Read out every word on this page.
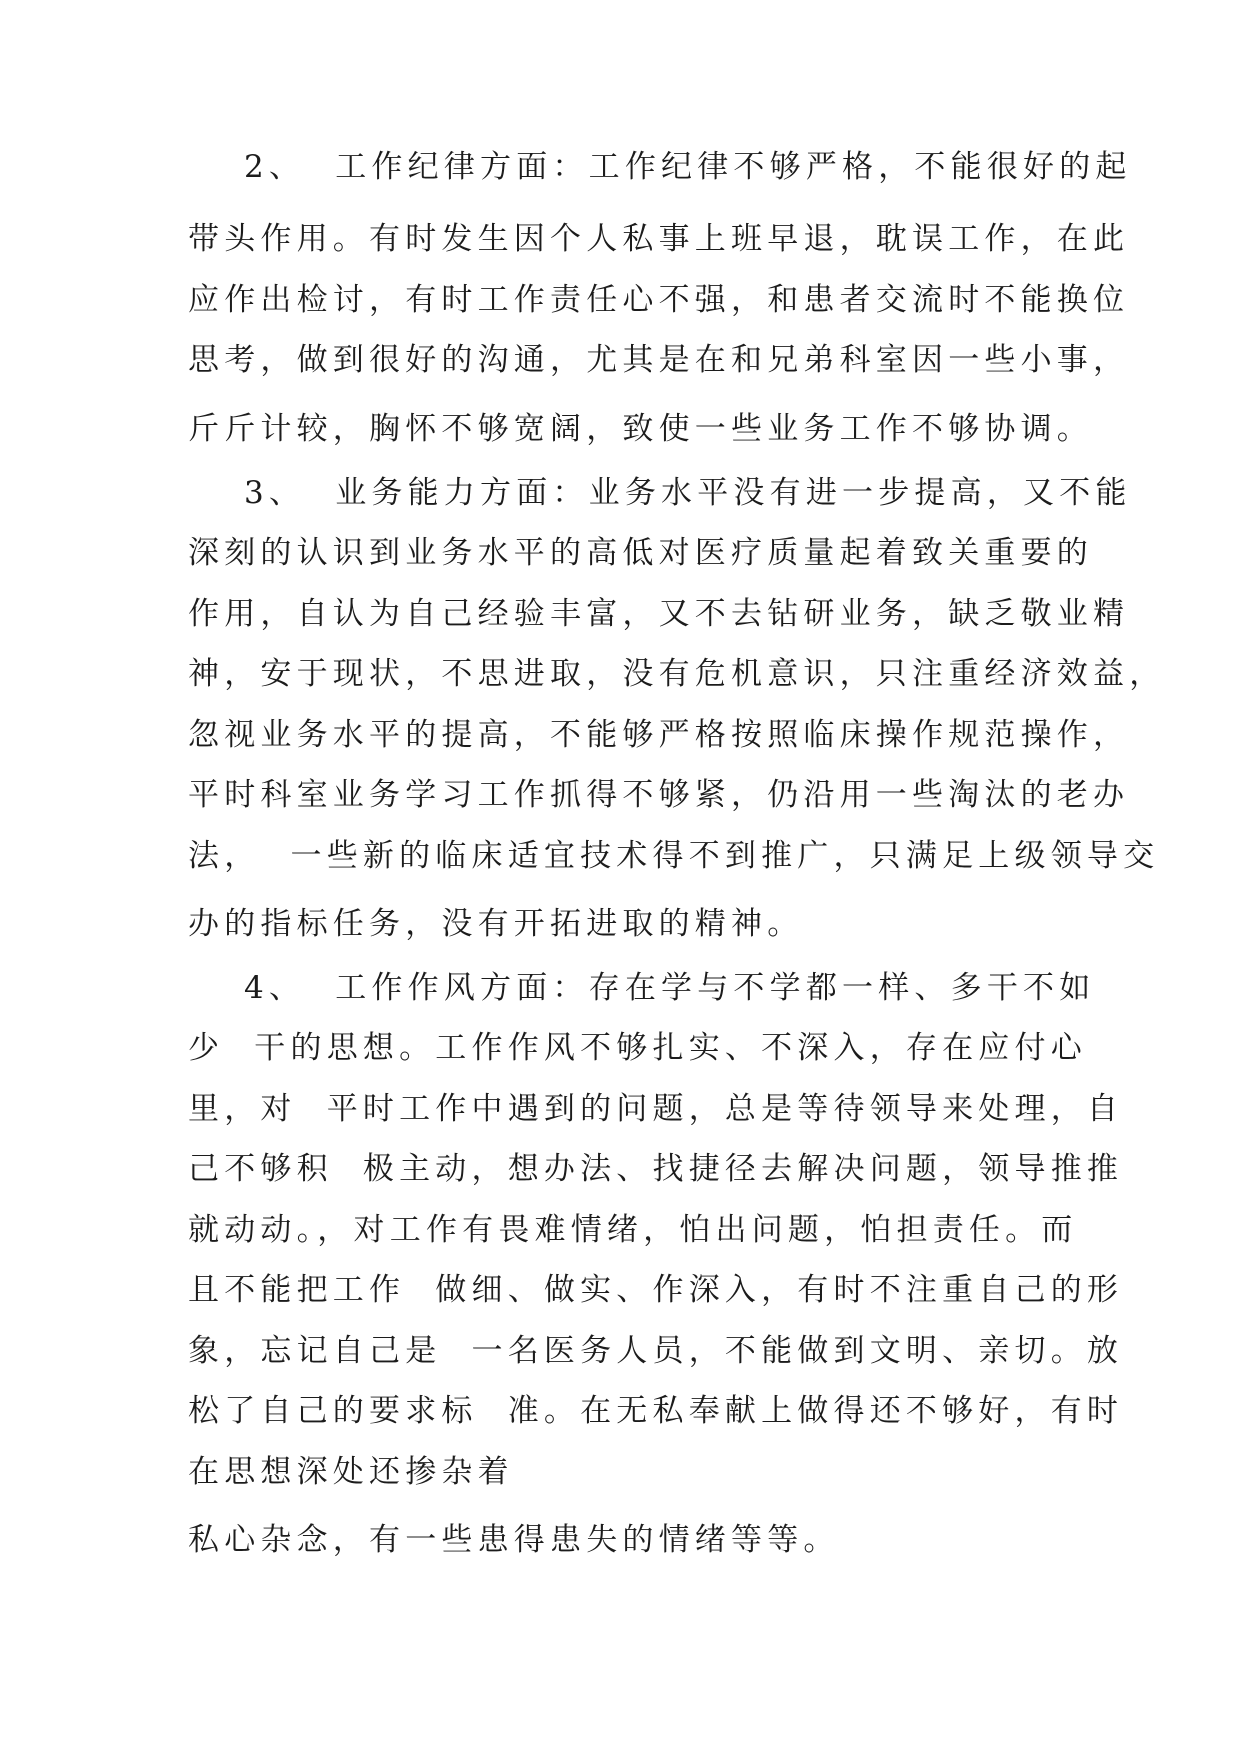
2、  工作纪律方面：工作纪律不够严格，不能很好的起
带头作用。有时发生因个人私事上班早退，耽误工作，在此
应作出检讨，有时工作责任心不强，和患者交流时不能换位
思考，做到很好的沟通，尤其是在和兄弟科室因一些小事，
斤斤计较，胸怀不够宽阔，致使一些业务工作不够协调。
3、  业务能力方面：业务水平没有进一步提高，又不能
深刻的认识到业务水平的高低对医疗质量起着致关重要的
作用，自认为自己经验丰富，又不去钻研业务，缺乏敬业精
神，安于现状，不思进取，没有危机意识，只注重经济效益，
忽视业务水平的提高，不能够严格按照临床操作规范操作，
平时科室业务学习工作抓得不够紧，仍沿用一些淘汰的老办
法，  一些新的临床适宜技术得不到推广，只满足上级领导交
办的指标任务，没有开拓进取的精神。
4、  工作作风方面：存在学与不学都一样、多干不如
少  干的思想。工作作风不够扎实、不深入，存在应付心
里，对  平时工作中遇到的问题，总是等待领导来处理，自
己不够积  极主动，想办法、找捷径去解决问题，领导推推
就动动。，对工作有畏难情绪，怕出问题，怕担责任。而
且不能把工作  做细、做实、作深入，有时不注重自己的形
象，忘记自己是  一名医务人员，不能做到文明、亲切。放
松了自己的要求标  准。在无私奉献上做得还不够好，有时
在思想深处还掺杂着
私心杂念，有一些患得患失的情绪等等。
